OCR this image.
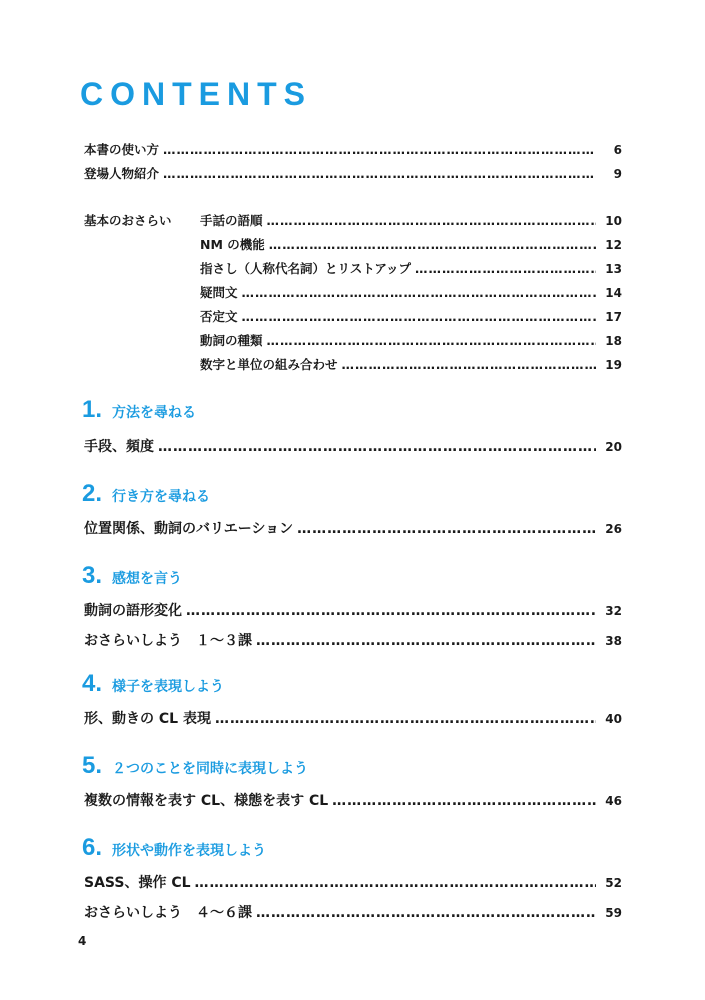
CONTENTS
本書の使い方 ……………………………………………………………………………………………………………………………………………………………………………………………………………	6
登場人物紹介 ……………………………………………………………………………………………………………………………………………………………………………………………………………	9
基本のおさらい 手話の語順 ……………………………………………………………………………………………………………………………………………………………………………………………………………	10
NM の機能 ……………………………………………………………………………………………………………………………………………………………………………………………………………	12
指さし（人称代名詞）とリストアップ ……………………………………………………………………………………………………………………………………………………………………………………………………………	13
疑問文 ……………………………………………………………………………………………………………………………………………………………………………………………………………	14
否定文 ……………………………………………………………………………………………………………………………………………………………………………………………………………	17
動詞の種類 ……………………………………………………………………………………………………………………………………………………………………………………………………………	18
数字と単位の組み合わせ ……………………………………………………………………………………………………………………………………………………………………………………………………………	19
1. 方法を尋ねる
手段、頻度 ……………………………………………………………………………………………………………………………………………………………………………………………………………	20
2. 行き方を尋ねる
位置関係、動詞のバリエーション ……………………………………………………………………………………………………………………………………………………………………………………………………………	26
3. 感想を言う
動詞の語形変化 ……………………………………………………………………………………………………………………………………………………………………………………………………………	32
おさらいしよう　１～３課 ……………………………………………………………………………………………………………………………………………………………………………………………………………	38
4. 様子を表現しよう
形、動きの CL 表現 ……………………………………………………………………………………………………………………………………………………………………………………………………………	40
5. ２つのことを同時に表現しよう
複数の情報を表す CL、様態を表す CL ……………………………………………………………………………………………………………………………………………………………………………………………………………	46
6. 形状や動作を表現しよう
SASS、操作 CL ……………………………………………………………………………………………………………………………………………………………………………………………………………	52
おさらいしよう　４～６課 ……………………………………………………………………………………………………………………………………………………………………………………………………………	59
4
